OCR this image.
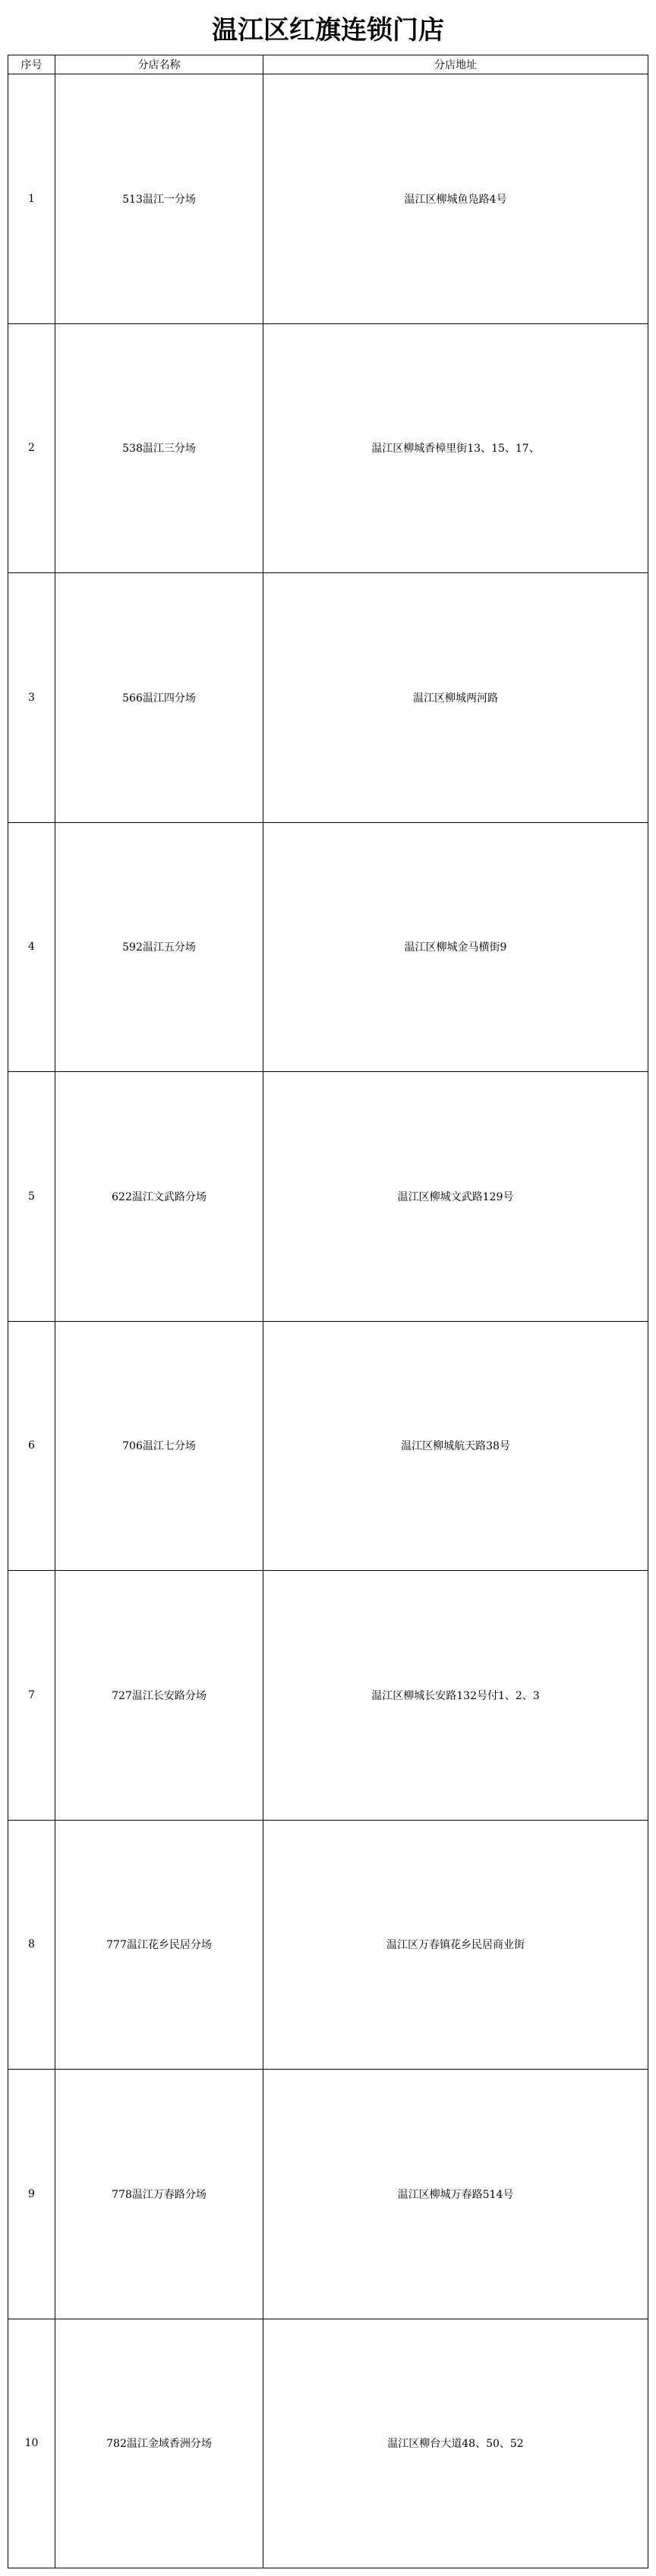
温江区红旗连锁门店
序号	分店名称	分店地址
1	513温江一分场	温江区柳城鱼凫路4号
2	538温江三分场	温江区柳城香樟里街13、15、17、
3	566温江四分场	温江区柳城两河路
4	592温江五分场	温江区柳城金马横街9
5	622温江文武路分场	温江区柳城文武路129号
6	706温江七分场	温江区柳城航天路38号
7	727温江长安路分场	温江区柳城长安路132号付1、2、3
8	777温江花乡民居分场	温江区万春镇花乡民居商业街
9	778温江万春路分场	温江区柳城万春路514号
10	782温江金域香洲分场	温江区柳台大道48、50、52
